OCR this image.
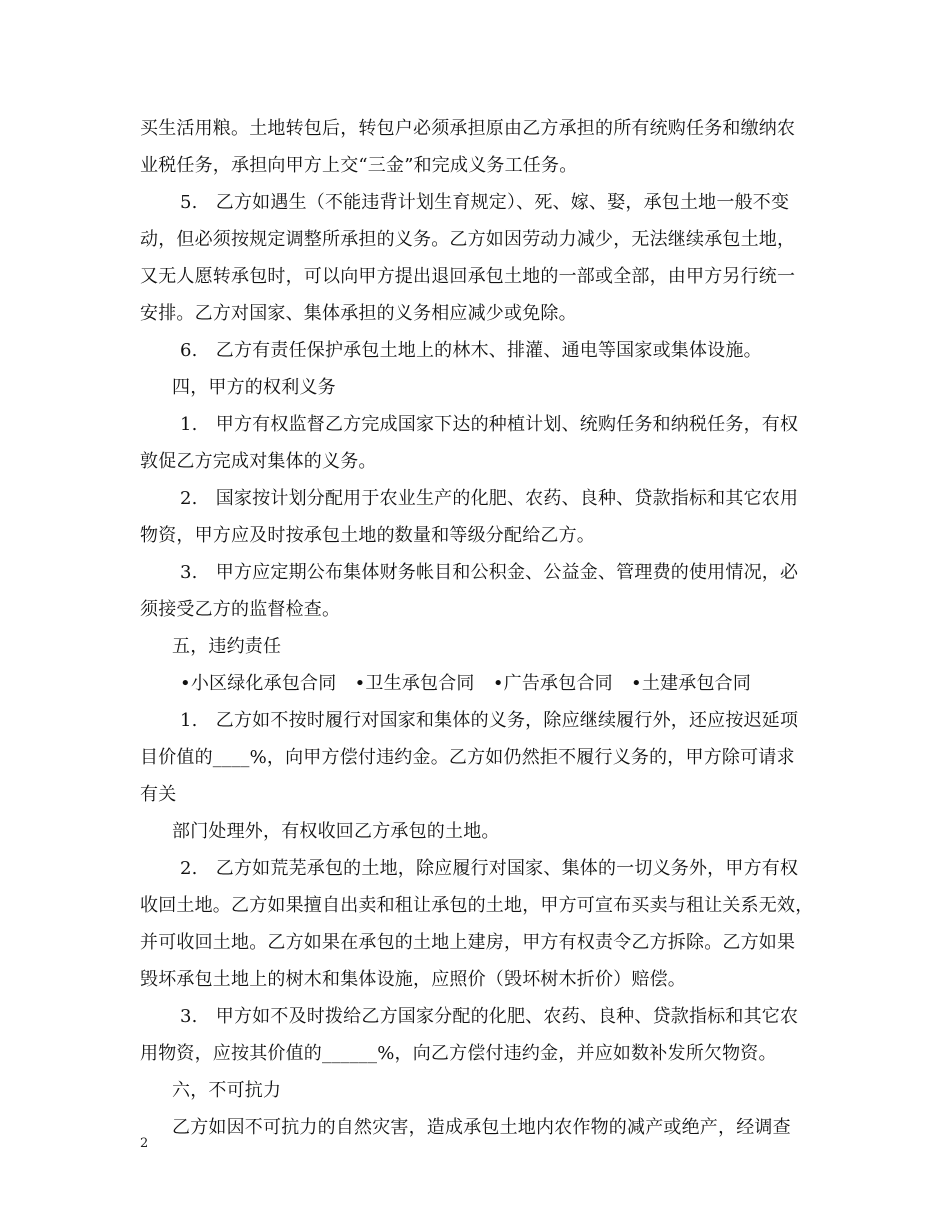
买生活用粮。土地转包后，转包户必须承担原由乙方承担的所有统购任务和缴纳农
业税任务，承担向甲方上交“三金”和完成义务工任务。
5.　乙方如遇生（不能违背计划生育规定）、死、嫁、娶，承包土地一般不变
动，但必须按规定调整所承担的义务。乙方如因劳动力减少，无法继续承包土地，
又无人愿转承包时，可以向甲方提出退回承包土地的一部或全部，由甲方另行统一
安排。乙方对国家、集体承担的义务相应减少或免除。
6.　乙方有责任保护承包土地上的林木、排灌、通电等国家或集体设施。
四，甲方的权利义务
1.　甲方有权监督乙方完成国家下达的种植计划、统购任务和纳税任务，有权
敦促乙方完成对集体的义务。
2.　国家按计划分配用于农业生产的化肥、农药、良种、贷款指标和其它农用
物资，甲方应及时按承包土地的数量和等级分配给乙方。
3.　甲方应定期公布集体财务帐目和公积金、公益金、管理费的使用情况，必
须接受乙方的监督检查。
五，违约责任
•小区绿化承包合同　•卫生承包合同　•广告承包合同　•土建承包合同
1.　乙方如不按时履行对国家和集体的义务，除应继续履行外，还应按迟延项
目价值的____%，向甲方偿付违约金。乙方如仍然拒不履行义务的，甲方除可请求
有关
部门处理外，有权收回乙方承包的土地。
2.　乙方如荒芜承包的土地，除应履行对国家、集体的一切义务外，甲方有权
收回土地。乙方如果擅自出卖和租让承包的土地，甲方可宣布买卖与租让关系无效，
并可收回土地。乙方如果在承包的土地上建房，甲方有权责令乙方拆除。乙方如果
毁坏承包土地上的树木和集体设施，应照价（毁坏树木折价）赔偿。
3.　甲方如不及时拨给乙方国家分配的化肥、农药、良种、贷款指标和其它农
用物资，应按其价值的______%，向乙方偿付违约金，并应如数补发所欠物资。
六，不可抗力
乙方如因不可抗力的自然灾害，造成承包土地内农作物的减产或绝产，经调查
2
